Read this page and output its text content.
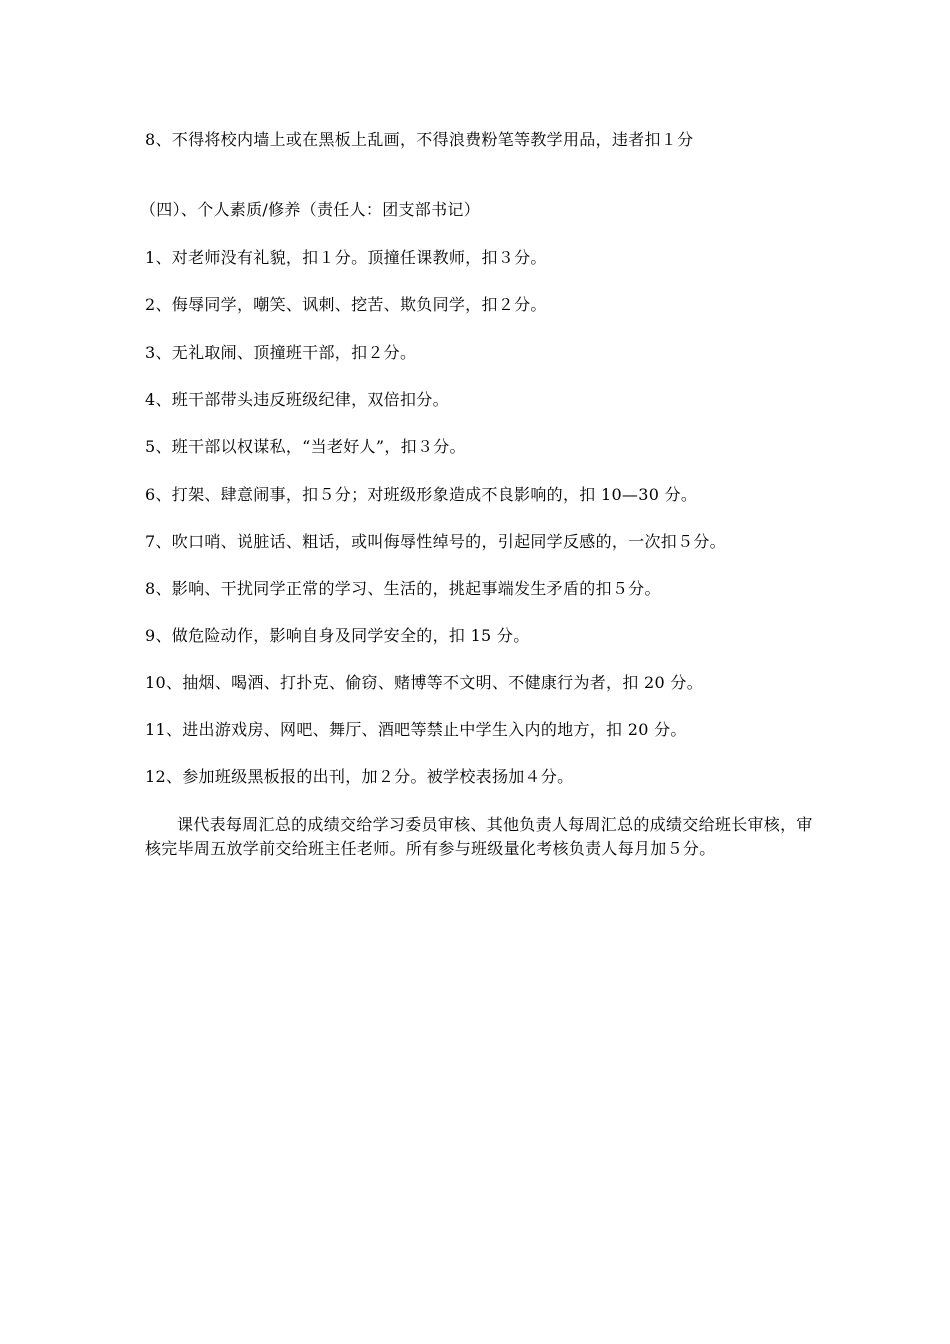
8、不得将校内墙上或在黑板上乱画，不得浪费粉笔等教学用品，违者扣１分
（四）、个人素质/修养（责任人：团支部书记）
1、对老师没有礼貌，扣１分。顶撞任课教师，扣３分。
2、侮辱同学，嘲笑、讽刺、挖苦、欺负同学，扣２分。
3、无礼取闹、顶撞班干部，扣２分。
4、班干部带头违反班级纪律，双倍扣分。
5、班干部以权谋私，“当老好人”，扣３分。
6、打架、肆意闹事，扣５分；对班级形象造成不良影响的，扣 10—30 分。
7、吹口哨、说脏话、粗话，或叫侮辱性绰号的，引起同学反感的，一次扣５分。
8、影响、干扰同学正常的学习、生活的，挑起事端发生矛盾的扣５分。
9、做危险动作，影响自身及同学安全的，扣 15 分。
10、抽烟、喝酒、打扑克、偷窃、赌博等不文明、不健康行为者，扣 20 分。
11、进出游戏房、网吧、舞厅、酒吧等禁止中学生入内的地方，扣 20 分。
12、参加班级黑板报的出刊，加２分。被学校表扬加４分。
课代表每周汇总的成绩交给学习委员审核、其他负责人每周汇总的成绩交给班长审核，审核完毕周五放学前交给班主任老师。所有参与班级量化考核负责人每月加５分。
